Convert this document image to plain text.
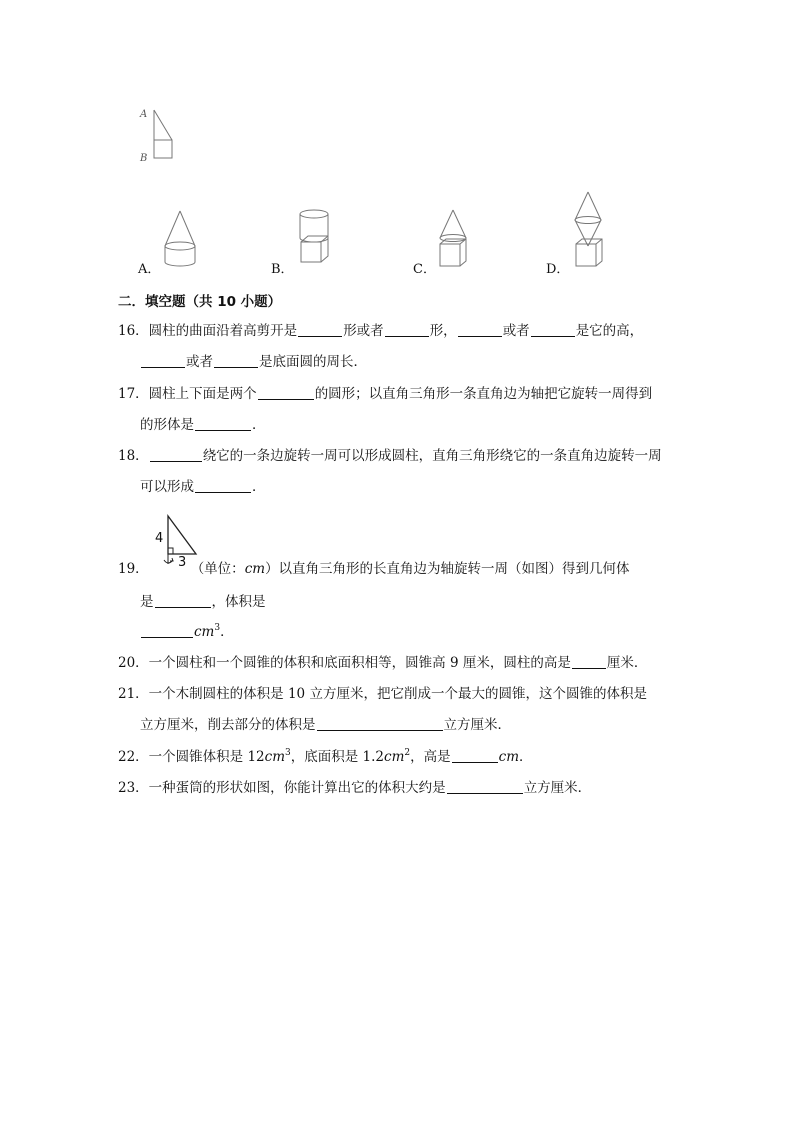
A
B
A．	B．	C．	D．
二．填空题（共 10 小题）
16．圆柱的曲面沿着高剪开是	形或者	形，	或者	是它的高，
或者	是底面圆的周长．
17．圆柱上下面是两个	的圆形；以直角三角形一条直角边为轴把它旋转一周得到
的形体是	．
18．	绕它的一条边旋转一周可以形成圆柱，直角三角形绕它的一条直角边旋转一周
可以形成	．
4
3
19．	（单位：cm）以直角三角形的长直角边为轴旋转一周（如图）得到几何体
是	，体积是
$cm^3$．
20．一个圆柱和一个圆锥的体积和底面积相等，圆锥高 9 厘米，圆柱的高是	厘米．
21．一个木制圆柱的体积是 10 立方厘米，把它削成一个最大的圆锥，这个圆锥的体积是
立方厘米，削去部分的体积是	立方厘米．
22．一个圆锥体积是 $12cm^3$，底面积是 $1.2cm^2$，高是	cm．
23．一种蛋筒的形状如图，你能计算出它的体积大约是	立方厘米．
